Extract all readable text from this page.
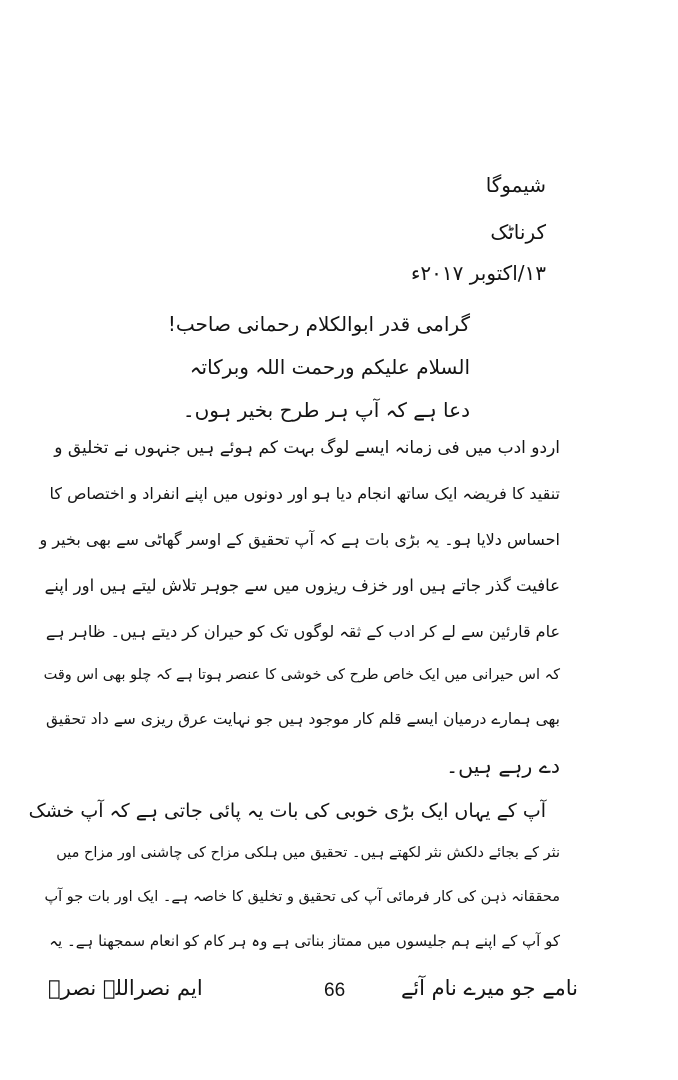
شیموگا
کرناٹک
۱۳/اکتوبر ۲۰۱۷ء
گرامی قدر ابوالکلام رحمانی صاحب!
السلام علیکم ورحمت اللہ وبرکاتہ
دعا ہے کہ آپ ہر طرح بخیر ہوں۔
اردو ادب میں فی زمانہ ایسے لوگ بہت کم ہوئے ہیں جنہوں نے تخلیق و
تنقید کا فریضہ ایک ساتھ انجام دیا ہو اور دونوں میں اپنے انفراد و اختصاص کا
احساس دلایا ہو۔ یہ بڑی بات ہے کہ آپ تحقیق کے اوسر گھاٹی سے بھی بخیر و
عافیت گذر جاتے ہیں اور خزف ریزوں میں سے جوہر تلاش لیتے ہیں اور اپنے
عام قارئین سے لے کر ادب کے ثقہ لوگوں تک کو حیران کر دیتے ہیں۔ ظاہر ہے
کہ اس حیرانی میں ایک خاص طرح کی خوشی کا عنصر ہوتا ہے کہ چلو بھی اس وقت
بھی ہمارے درمیان ایسے قلم کار موجود ہیں جو نہایت عرق ریزی سے داد تحقیق
دے رہے ہیں۔
آپ کے یہاں ایک بڑی خوبی کی بات یہ پائی جاتی ہے کہ آپ خشک
نثر کے بجائے دلکش نثر لکھتے ہیں۔ تحقیق میں ہلکی مزاح کی چاشنی اور مزاح میں
محققانہ ذہن کی کار فرمائی آپ کی تحقیق و تخلیق کا خاصہ ہے۔ ایک اور بات جو آپ
کو آپ کے اپنے ہم جلیسوں میں ممتاز بناتی ہے وہ ہر کام کو انعام سمجھنا ہے۔ یہ
نامے جو میرے نام آئے
66
ایم نصراللہ نصرؔ
